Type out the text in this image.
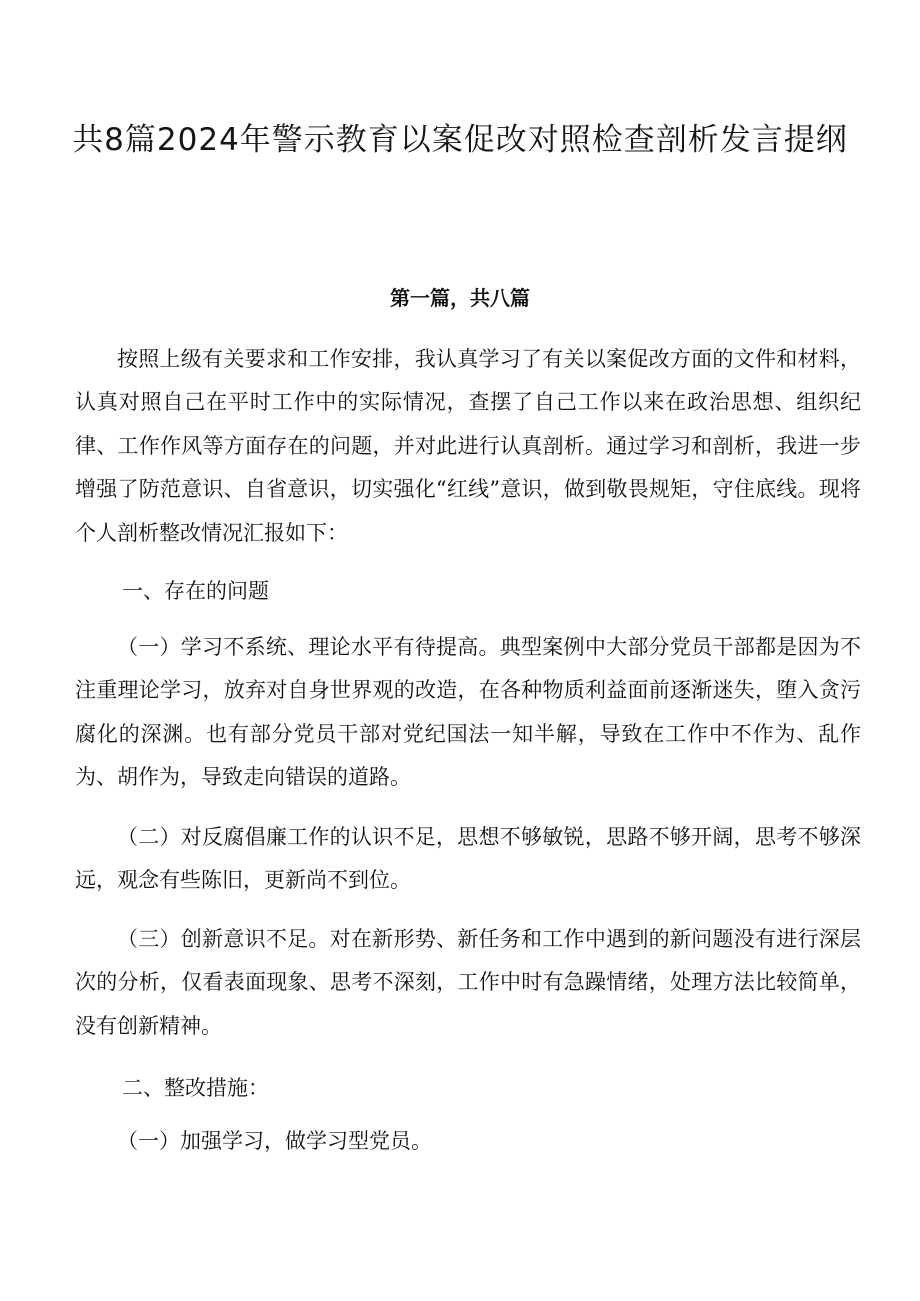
共8篇2024年警示教育以案促改对照检查剖析发言提纲
第一篇，共八篇

按照上级有关要求和工作安排，我认真学习了有关以案促改方面的文件和材料，认真对照自己在平时工作中的实际情况，查摆了自己工作以来在政治思想、组织纪律、工作作风等方面存在的问题，并对此进行认真剖析。通过学习和剖析，我进一步增强了防范意识、自省意识，切实强化“红线”意识，做到敬畏规矩，守住底线。现将个人剖析整改情况汇报如下：

一、存在的问题

（一）学习不系统、理论水平有待提高。典型案例中大部分党员干部都是因为不注重理论学习，放弃对自身世界观的改造，在各种物质利益面前逐渐迷失，堕入贪污腐化的深渊。也有部分党员干部对党纪国法一知半解，导致在工作中不作为、乱作为、胡作为，导致走向错误的道路。

（二）对反腐倡廉工作的认识不足，思想不够敏锐，思路不够开阔，思考不够深远，观念有些陈旧，更新尚不到位。

（三）创新意识不足。对在新形势、新任务和工作中遇到的新问题没有进行深层次的分析，仅看表面现象、思考不深刻，工作中时有急躁情绪，处理方法比较简单，没有创新精神。

二、整改措施：

（一）加强学习，做学习型党员。
